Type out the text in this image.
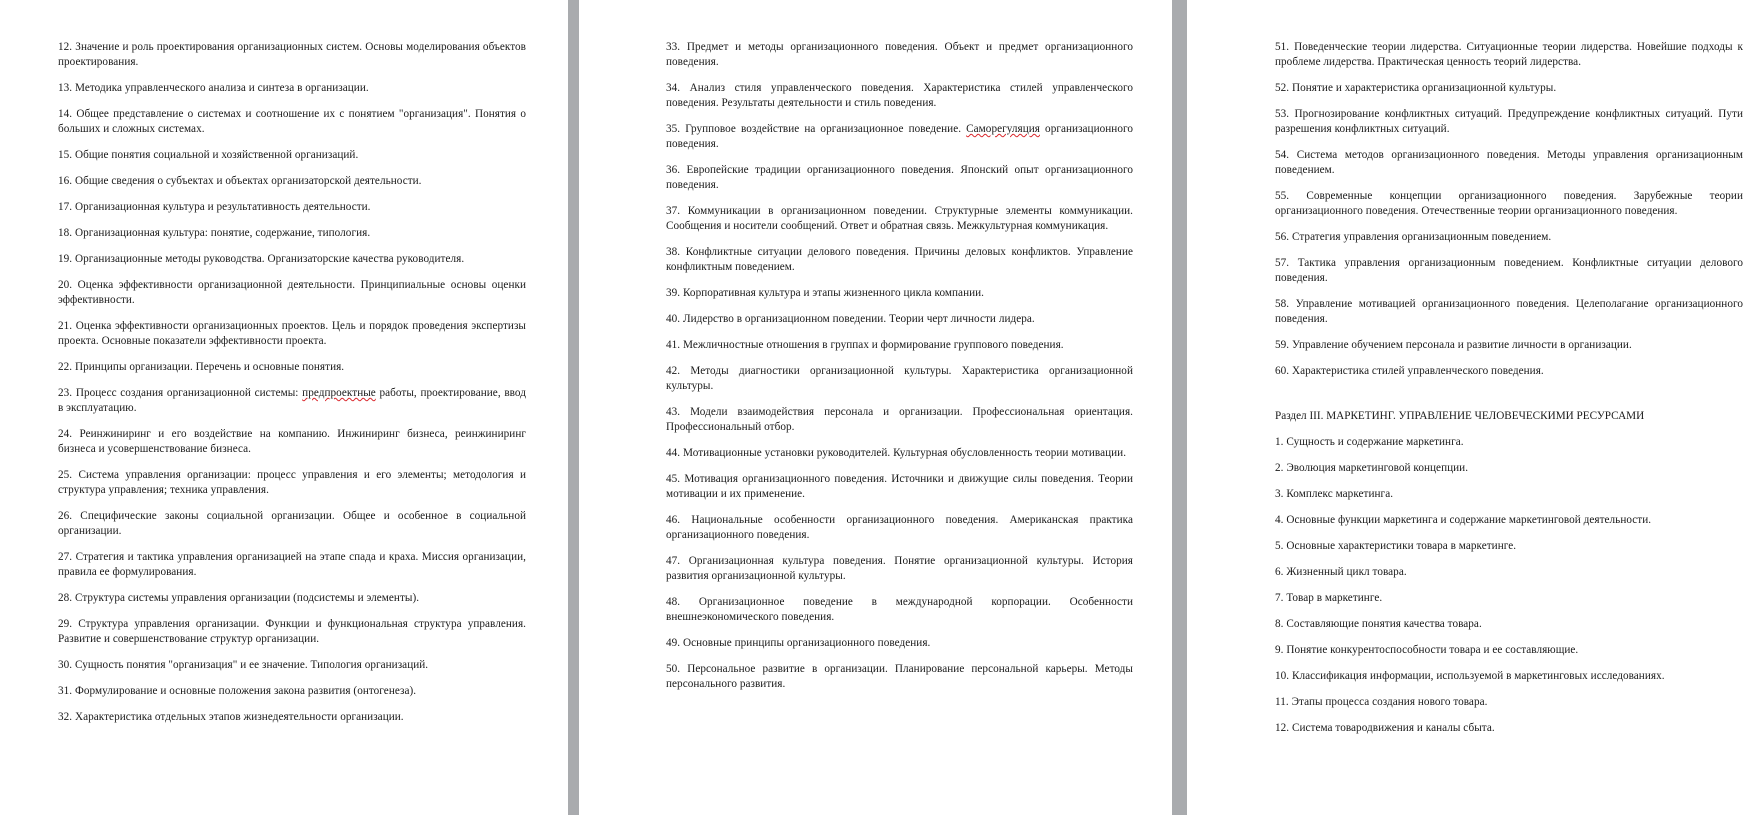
12. Значение и роль проектирования организационных систем. Основы моделирования объектов проектирования.

13. Методика управленческого анализа и синтеза в организации.

14. Общее представление о системах и соотношение их с понятием "организация". Понятия о больших и сложных системах.

15. Общие понятия социальной и хозяйственной организаций.

16. Общие сведения о субъектах и объектах организаторской деятельности.

17. Организационная культура и результативность деятельности.

18. Организационная культура: понятие, содержание, типология.

19. Организационные методы руководства. Организаторские качества руководителя.

20. Оценка эффективности организационной деятельности. Принципиальные основы оценки эффективности.

21. Оценка эффективности организационных проектов. Цель и порядок проведения экспертизы проекта. Основные показатели эффективности проекта.

22. Принципы организации. Перечень и основные понятия.

23. Процесс создания организационной системы: предпроектные работы, проектирование, ввод в эксплуатацию.

24. Реинжиниринг и его воздействие на компанию. Инжиниринг бизнеса, реинжиниринг бизнеса и усовершенствование бизнеса.

25. Система управления организации: процесс управления и его элементы; методология и структура управления; техника управления.

26. Специфические законы социальной организации. Общее и особенное в социальной организации.

27. Стратегия и тактика управления организацией на этапе спада и краха. Миссия организации, правила ее формулирования.

28. Структура системы управления организации (подсистемы и элементы).

29. Структура управления организации. Функции и функциональная структура управления. Развитие и совершенствование структур организации.

30. Сущность понятия "организация" и ее значение. Типология организаций.

31. Формулирование и основные положения закона развития (онтогенеза).

32. Характеристика отдельных этапов жизнедеятельности организации.

33. Предмет и методы организационного поведения. Объект и предмет организационного поведения.

34. Анализ стиля управленческого поведения. Характеристика стилей управленческого поведения. Результаты деятельности и стиль поведения.

35. Групповое воздействие на организационное поведение. Саморегуляция организационного поведения.

36. Европейские традиции организационного поведения. Японский опыт организационного поведения.

37. Коммуникации в организационном поведении. Структурные элементы коммуникации. Сообщения и носители сообщений. Ответ и обратная связь. Межкультурная коммуникация.

38. Конфликтные ситуации делового поведения. Причины деловых конфликтов. Управление конфликтным поведением.

39. Корпоративная культура и этапы жизненного цикла компании.

40. Лидерство в организационном поведении. Теории черт личности лидера.

41. Межличностные отношения в группах и формирование группового поведения.

42. Методы диагностики организационной культуры. Характеристика организационной культуры.

43. Модели взаимодействия персонала и организации. Профессиональная ориентация. Профессиональный отбор.

44. Мотивационные установки руководителей. Культурная обусловленность теории мотивации.

45. Мотивация организационного поведения. Источники и движущие силы поведения. Теории мотивации и их применение.

46. Национальные особенности организационного поведения. Американская практика организационного поведения.

47. Организационная культура поведения. Понятие организационной культуры. История развития организационной культуры.

48. Организационное поведение в международной корпорации. Особенности внешнеэкономического поведения.

49. Основные принципы организационного поведения.

50. Персональное развитие в организации. Планирование персональной карьеры. Методы персонального развития.

51. Поведенческие теории лидерства. Ситуационные теории лидерства. Новейшие подходы к проблеме лидерства. Практическая ценность теорий лидерства.

52. Понятие и характеристика организационной культуры.

53. Прогнозирование конфликтных ситуаций. Предупреждение конфликтных ситуаций. Пути разрешения конфликтных ситуаций.

54. Система методов организационного поведения. Методы управления организационным поведением.

55. Современные концепции организационного поведения. Зарубежные теории организационного поведения. Отечественные теории организационного поведения.

56. Стратегия управления организационным поведением.

57. Тактика управления организационным поведением. Конфликтные ситуации делового поведения.

58. Управление мотивацией организационного поведения. Целеполагание организационного поведения.

59. Управление обучением персонала и развитие личности в организации.

60. Характеристика стилей управленческого поведения.

Раздел III. МАРКЕТИНГ. УПРАВЛЕНИЕ ЧЕЛОВЕЧЕСКИМИ РЕСУРСАМИ

1. Сущность и содержание маркетинга.

2. Эволюция маркетинговой концепции.

3. Комплекс маркетинга.

4. Основные функции маркетинга и содержание маркетинговой деятельности.

5. Основные характеристики товара в маркетинге.

6. Жизненный цикл товара.

7. Товар в маркетинге.

8. Составляющие понятия качества товара.

9. Понятие конкурентоспособности товара и ее составляющие.

10. Классификация информации, используемой в маркетинговых исследованиях.

11. Этапы процесса создания нового товара.

12. Система товародвижения и каналы сбыта.
